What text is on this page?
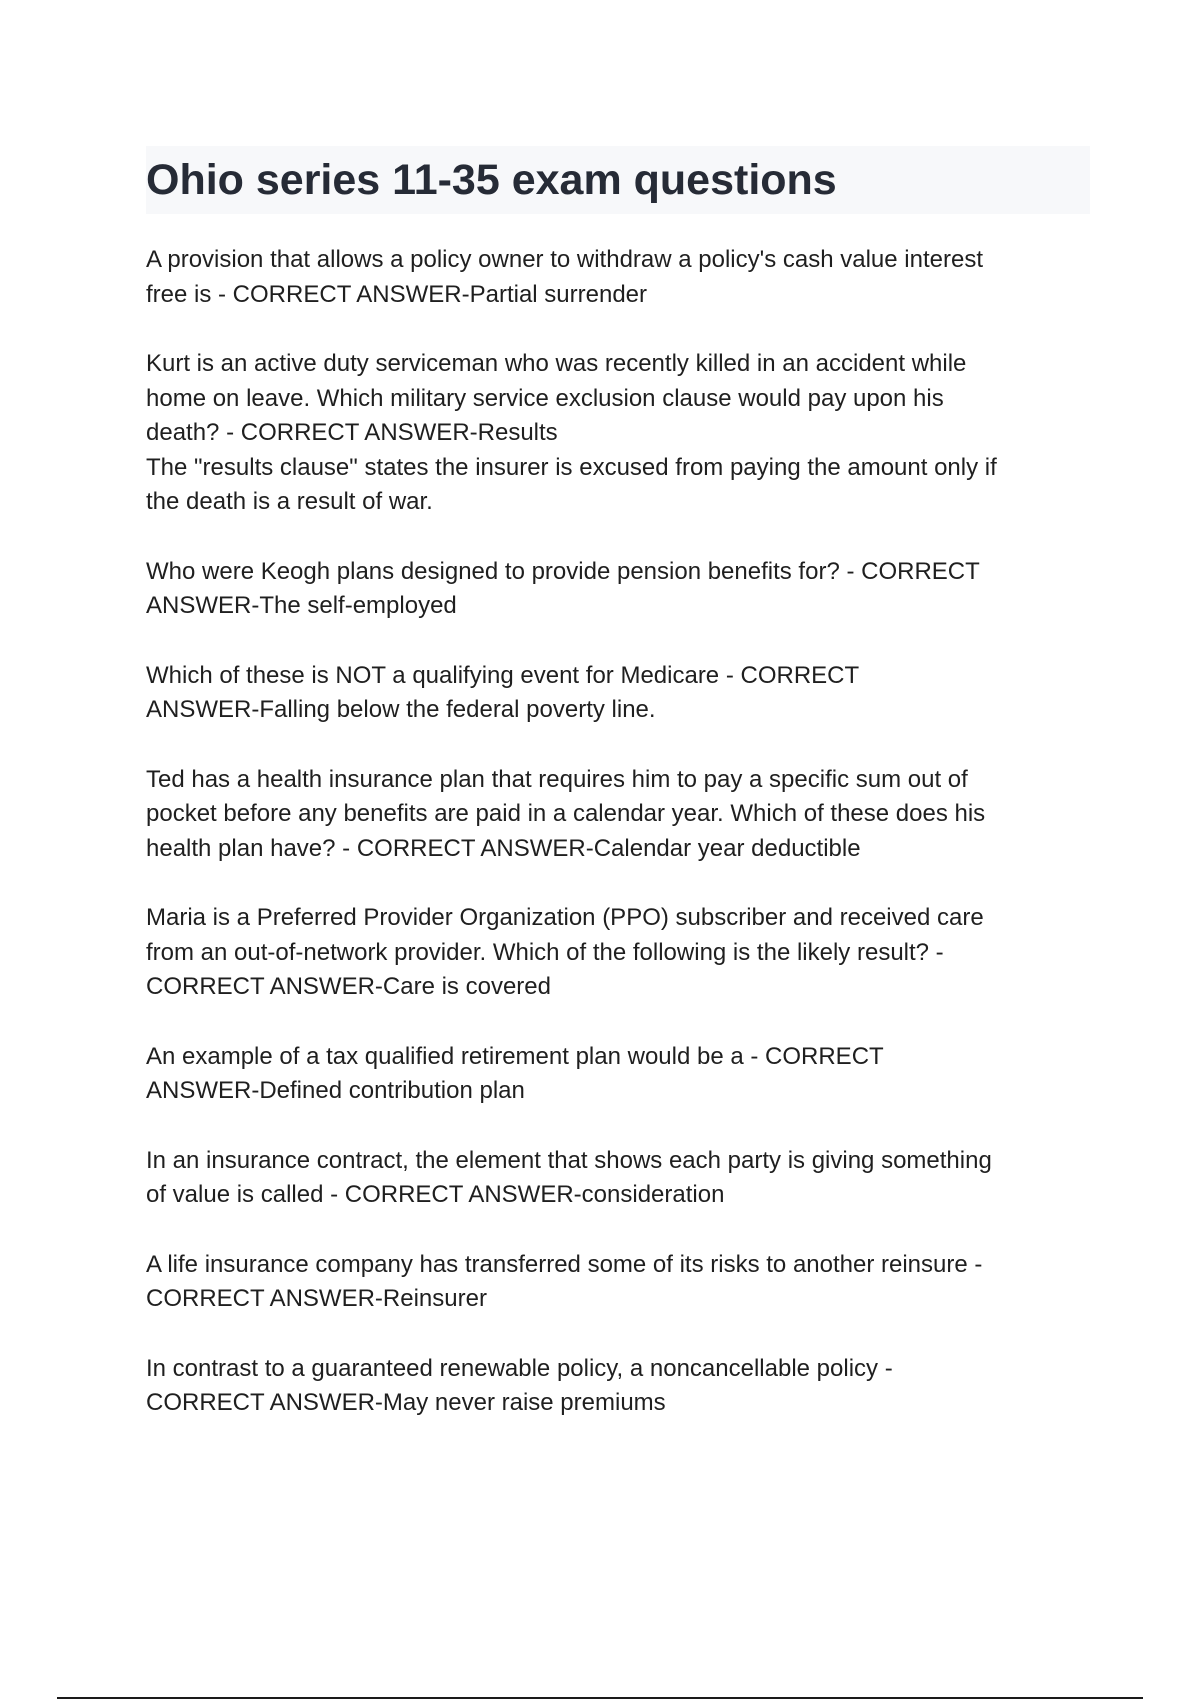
Ohio series 11-35 exam questions

A provision that allows a policy owner to withdraw a policy's cash value interest
free is - CORRECT ANSWER-Partial surrender

Kurt is an active duty serviceman who was recently killed in an accident while
home on leave. Which military service exclusion clause would pay upon his
death? - CORRECT ANSWER-Results
The "results clause" states the insurer is excused from paying the amount only if
the death is a result of war.

Who were Keogh plans designed to provide pension benefits for? - CORRECT
ANSWER-The self-employed

Which of these is NOT a qualifying event for Medicare - CORRECT
ANSWER-Falling below the federal poverty line.

Ted has a health insurance plan that requires him to pay a specific sum out of
pocket before any benefits are paid in a calendar year. Which of these does his
health plan have? - CORRECT ANSWER-Calendar year deductible

Maria is a Preferred Provider Organization (PPO) subscriber and received care
from an out-of-network provider. Which of the following is the likely result? -
CORRECT ANSWER-Care is covered

An example of a tax qualified retirement plan would be a - CORRECT
ANSWER-Defined contribution plan

In an insurance contract, the element that shows each party is giving something
of value is called - CORRECT ANSWER-consideration

A life insurance company has transferred some of its risks to another reinsure -
CORRECT ANSWER-Reinsurer

In contrast to a guaranteed renewable policy, a noncancellable policy -
CORRECT ANSWER-May never raise premiums
